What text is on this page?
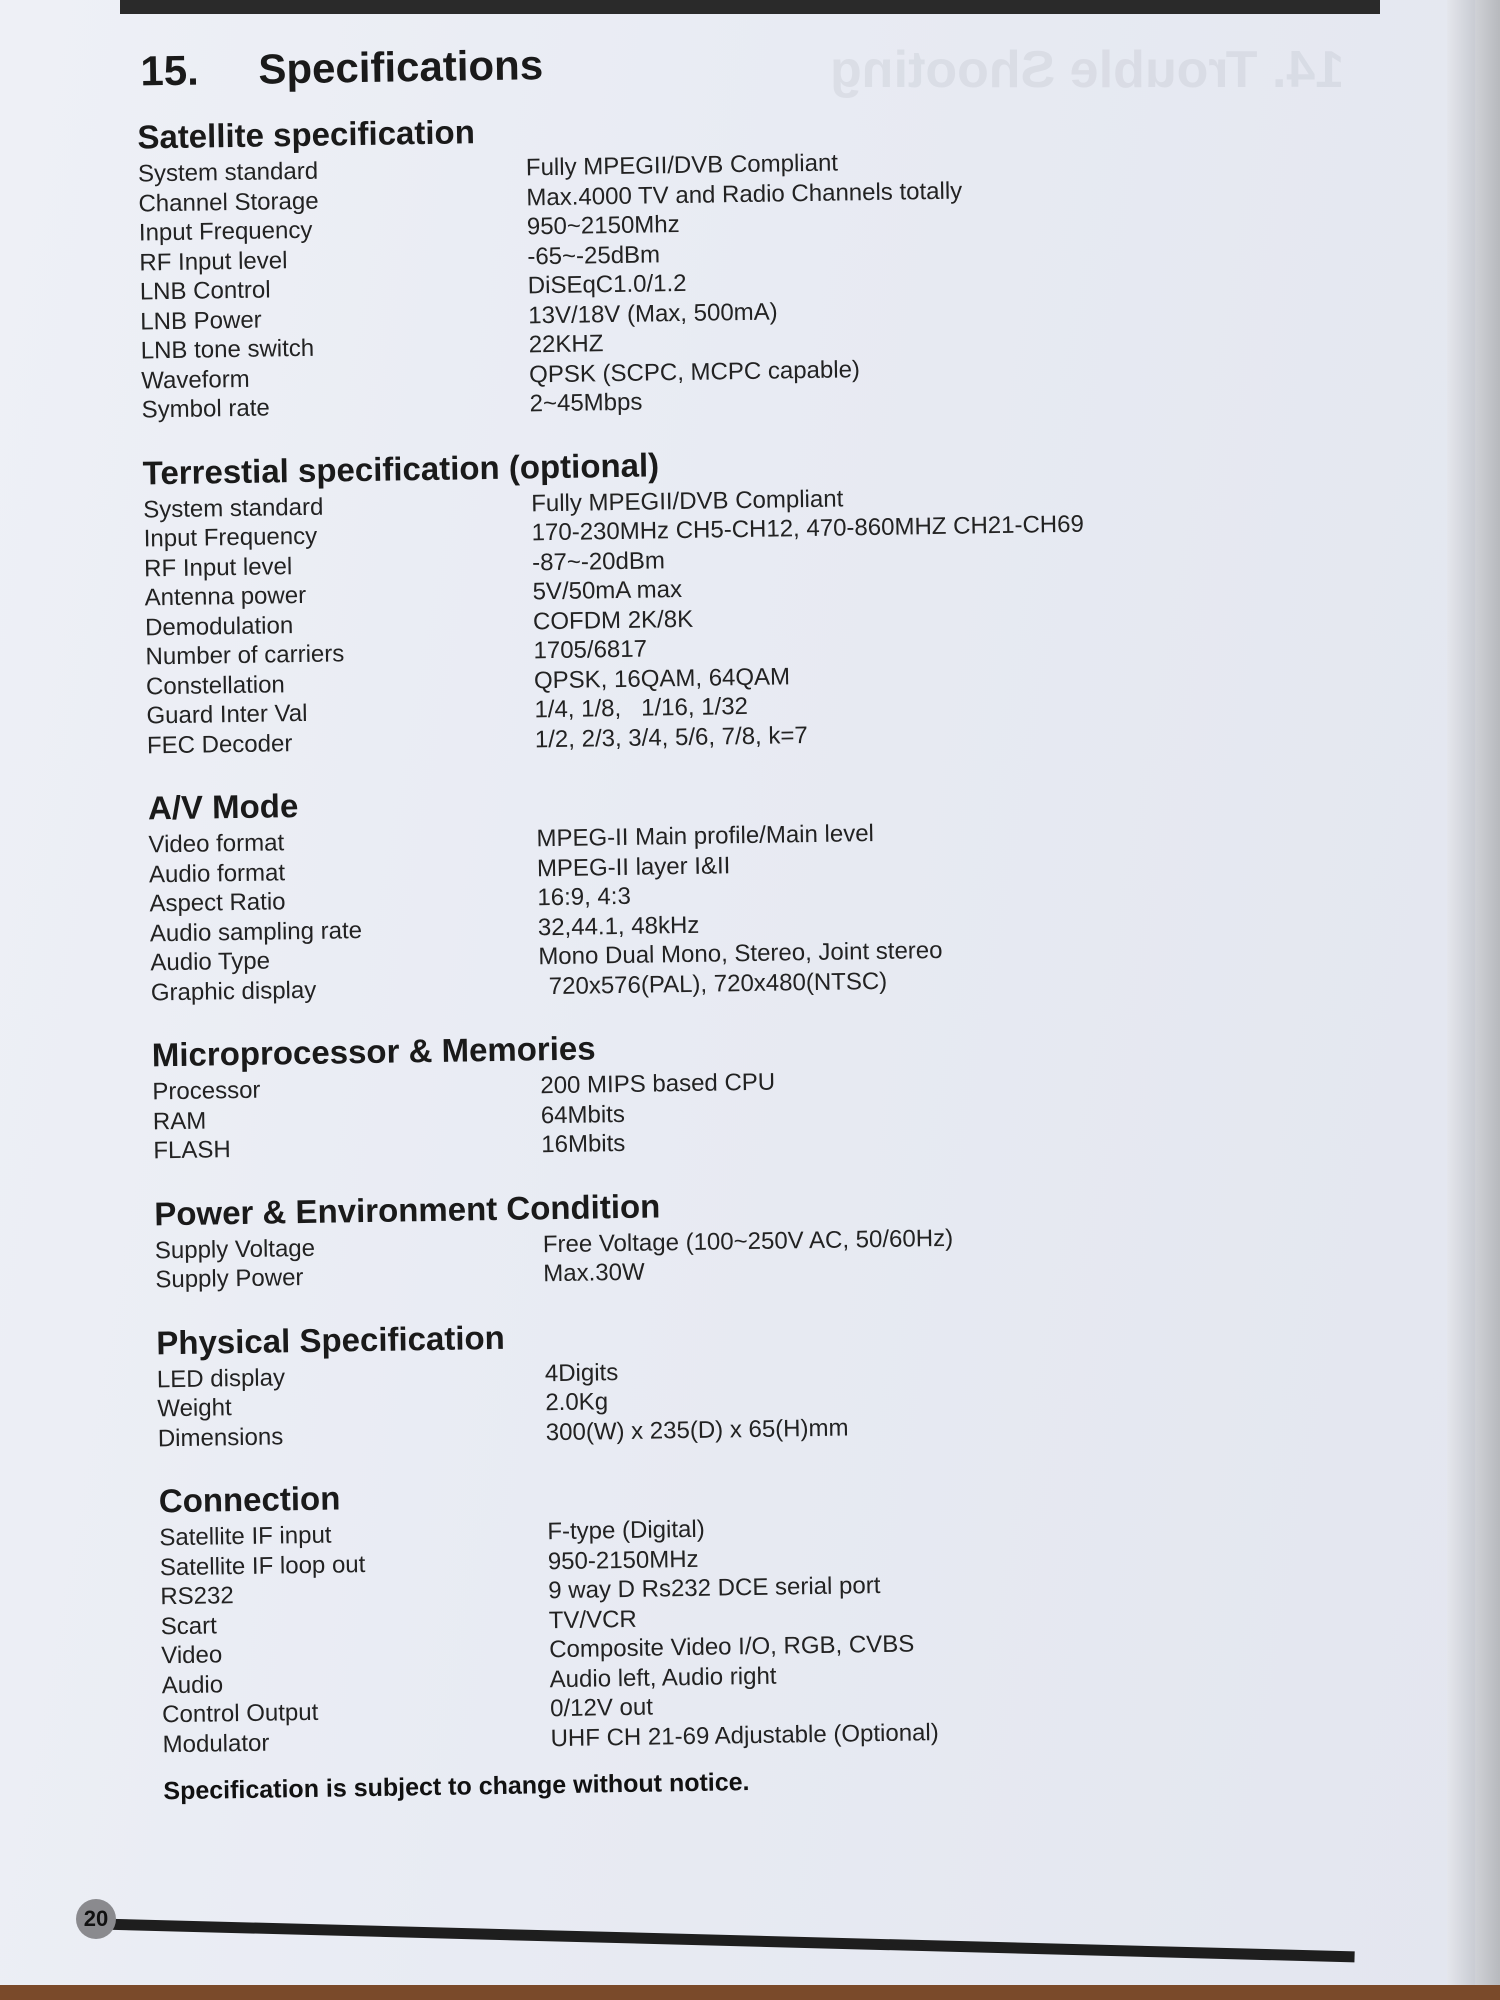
14. Trouble Shooting
15.	Specifications
Satellite specification
System standard	Fully MPEGII/DVB Compliant
Channel Storage	Max.4000 TV and Radio Channels totally
Input Frequency	950~2150Mhz
RF Input level	-65~-25dBm
LNB Control	DiSEqC1.0/1.2
LNB Power	13V/18V (Max, 500mA)
LNB tone switch	22KHZ
Waveform	QPSK (SCPC, MCPC capable)
Symbol rate	2~45Mbps
Terrestial specification (optional)
System standard	Fully MPEGII/DVB Compliant
Input Frequency	170-230MHz CH5-CH12, 470-860MHZ CH21-CH69
RF Input level	-87~-20dBm
Antenna power	5V/50mA max
Demodulation	COFDM 2K/8K
Number of carriers	1705/6817
Constellation	QPSK, 16QAM, 64QAM
Guard Inter Val	1/4, 1/8,   1/16, 1/32
FEC Decoder	1/2, 2/3, 3/4, 5/6, 7/8, k=7
A/V Mode
Video format	MPEG-II Main profile/Main level
Audio format	MPEG-II layer I&II
Aspect Ratio	16:9, 4:3
Audio sampling rate	32,44.1, 48kHz
Audio Type	Mono Dual Mono, Stereo, Joint stereo
Graphic display	720x576(PAL), 720x480(NTSC)
Microprocessor & Memories
Processor	200 MIPS based CPU
RAM	64Mbits
FLASH	16Mbits
Power & Environment Condition
Supply Voltage	Free Voltage (100~250V AC, 50/60Hz)
Supply Power	Max.30W
Physical Specification
LED display	4Digits
Weight	2.0Kg
Dimensions	300(W) x 235(D) x 65(H)mm
Connection
Satellite IF input	F-type (Digital)
Satellite IF loop out	950-2150MHz
RS232	9 way D Rs232 DCE serial port
Scart	TV/VCR
Video	Composite Video I/O, RGB, CVBS
Audio	Audio left, Audio right
Control Output	0/12V out
Modulator	UHF CH 21-69 Adjustable (Optional)
Specification is subject to change without notice.
20
